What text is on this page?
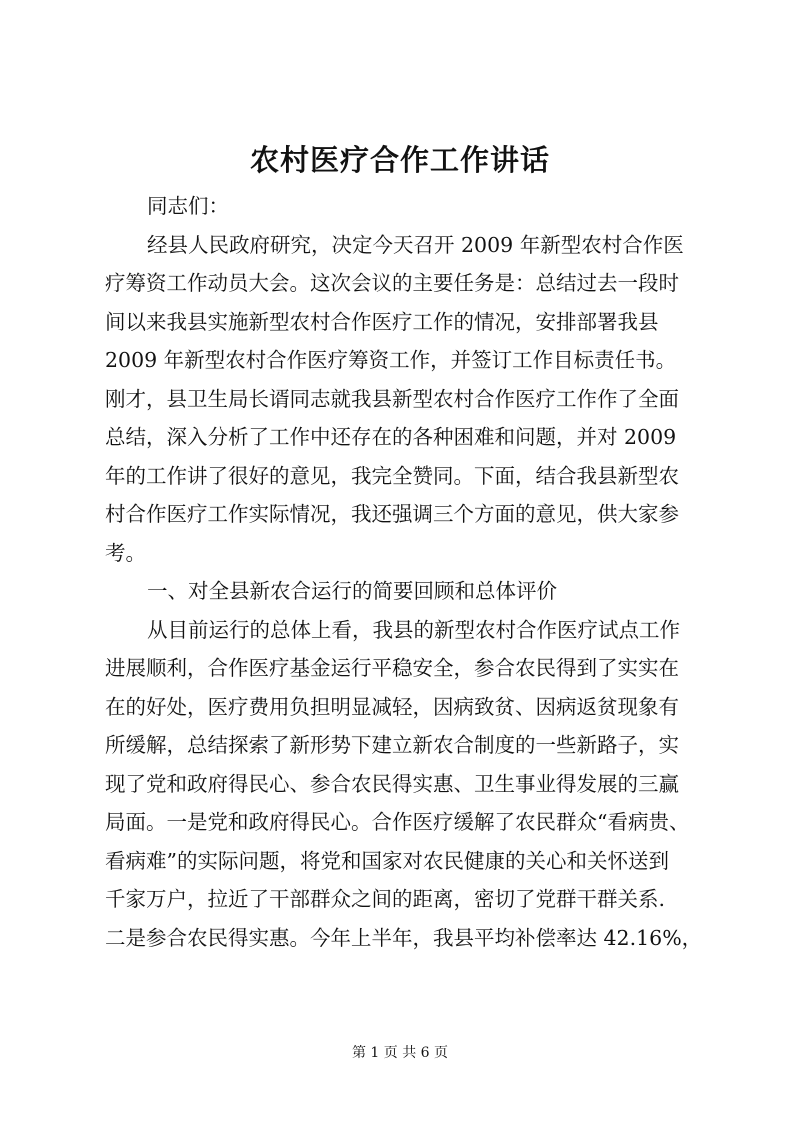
农村医疗合作工作讲话
同志们：
经县人民政府研究，决定今天召开 2009 年新型农村合作医
疗筹资工作动员大会。这次会议的主要任务是：总结过去一段时
间以来我县实施新型农村合作医疗工作的情况，安排部署我县
2009 年新型农村合作医疗筹资工作，并签订工作目标责任书。
刚才，县卫生局长谞同志就我县新型农村合作医疗工作作了全面
总结，深入分析了工作中还存在的各种困难和问题，并对 2009
年的工作讲了很好的意见，我完全赞同。下面，结合我县新型农
村合作医疗工作实际情况，我还强调三个方面的意见，供大家参
考。
一、对全县新农合运行的简要回顾和总体评价
从目前运行的总体上看，我县的新型农村合作医疗试点工作
进展顺利，合作医疗基金运行平稳安全，参合农民得到了实实在
在的好处，医疗费用负担明显减轻，因病致贫、因病返贫现象有
所缓解，总结探索了新形势下建立新农合制度的一些新路子，实
现了党和政府得民心、参合农民得实惠、卫生事业得发展的三赢
局面。一是党和政府得民心。合作医疗缓解了农民群众“看病贵、
看病难”的实际问题，将党和国家对农民健康的关心和关怀送到
千家万户，拉近了干部群众之间的距离，密切了党群干群关系.
二是参合农民得实惠。今年上半年，我县平均补偿率达 42.16%，
第 1 页 共 6 页
